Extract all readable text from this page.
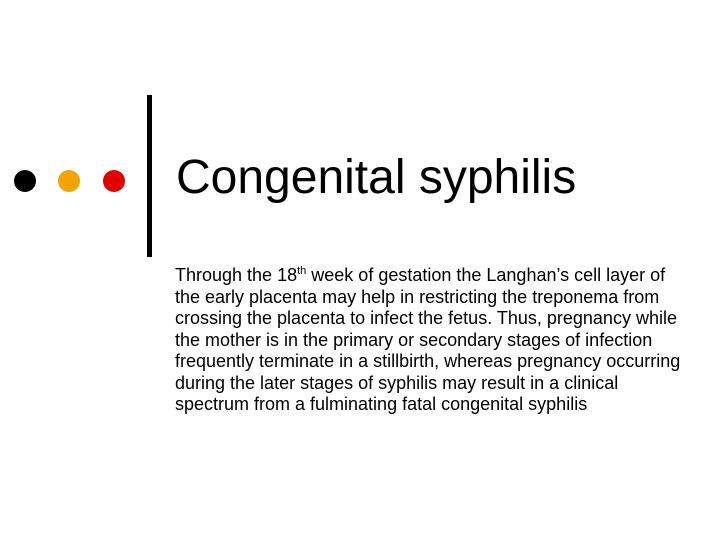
Congenital syphilis

Through the 18th week of gestation the Langhan’s cell layer of the early placenta may help in restricting the treponema from crossing the placenta to infect the fetus. Thus, pregnancy while the mother is in the primary or secondary stages of infection frequently terminate in a stillbirth, whereas pregnancy occurring during the later stages of syphilis may result in a clinical spectrum from a fulminating fatal congenital syphilis
